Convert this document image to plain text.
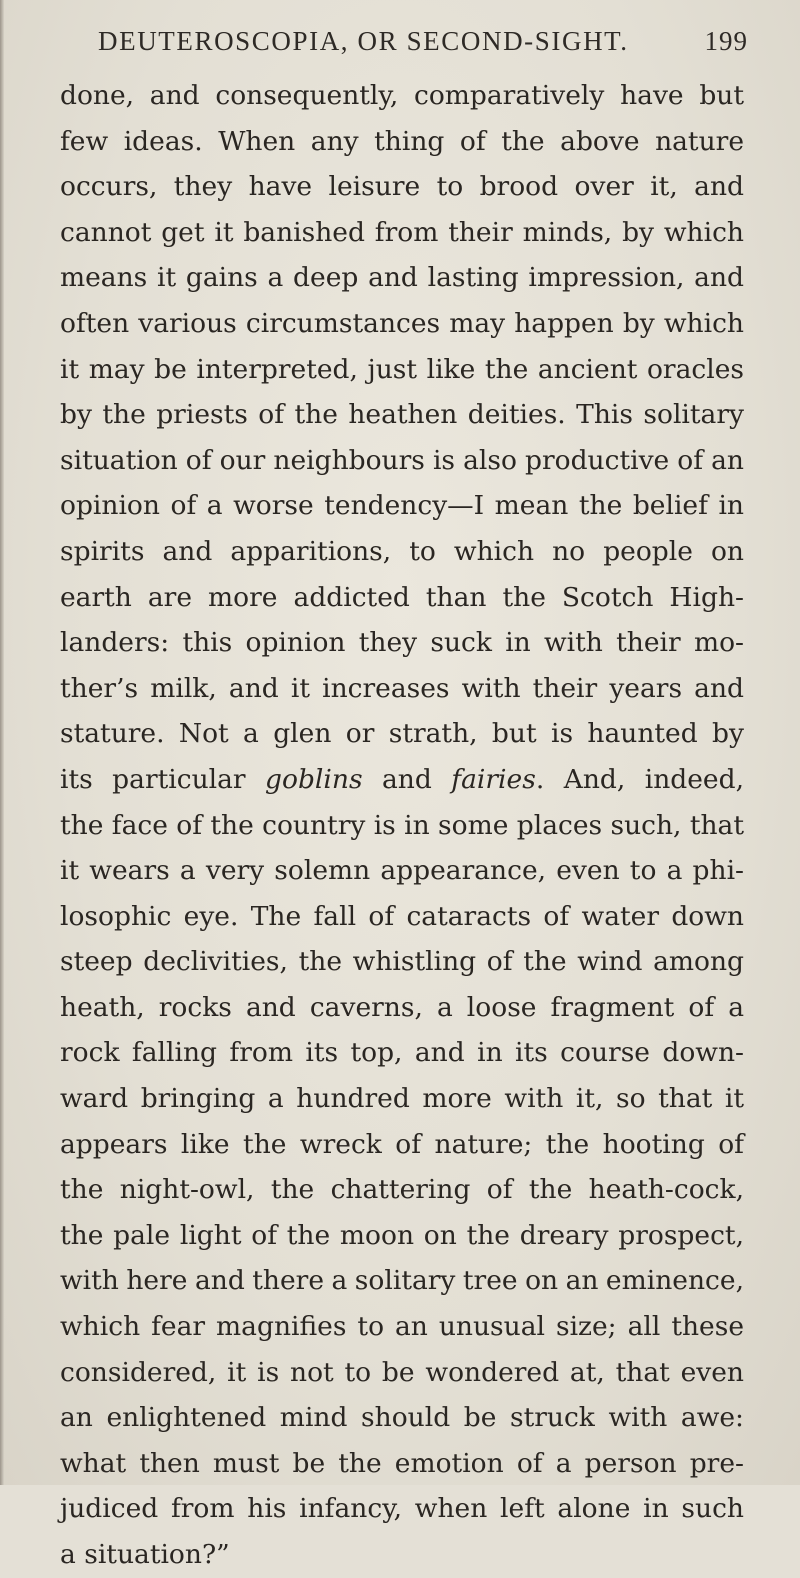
DEUTEROSCOPIA, OR SECOND-SIGHT.	199
done, and consequently, comparatively have but
few ideas. When any thing of the above nature
occurs, they have leisure to brood over it, and
cannot get it banished from their minds, by which
means it gains a deep and lasting impression, and
often various circumstances may happen by which
it may be interpreted, just like the ancient oracles
by the priests of the heathen deities. This solitary
situation of our neighbours is also productive of an
opinion of a worse tendency—I mean the belief in
spirits and apparitions, to which no people on
earth are more addicted than the Scotch High-
landers: this opinion they suck in with their mo-
ther’s milk, and it increases with their years and
stature. Not a glen or strath, but is haunted by
its particular goblins and fairies. And, indeed,
the face of the country is in some places such, that
it wears a very solemn appearance, even to a phi-
losophic eye. The fall of cataracts of water down
steep declivities, the whistling of the wind among
heath, rocks and caverns, a loose fragment of a
rock falling from its top, and in its course down-
ward bringing a hundred more with it, so that it
appears like the wreck of nature; the hooting of
the night-owl, the chattering of the heath-cock,
the pale light of the moon on the dreary prospect,
with here and there a solitary tree on an eminence,
which fear magnifies to an unusual size; all these
considered, it is not to be wondered at, that even
an enlightened mind should be struck with awe:
what then must be the emotion of a person pre-
judiced from his infancy, when left alone in such
a situation?”
